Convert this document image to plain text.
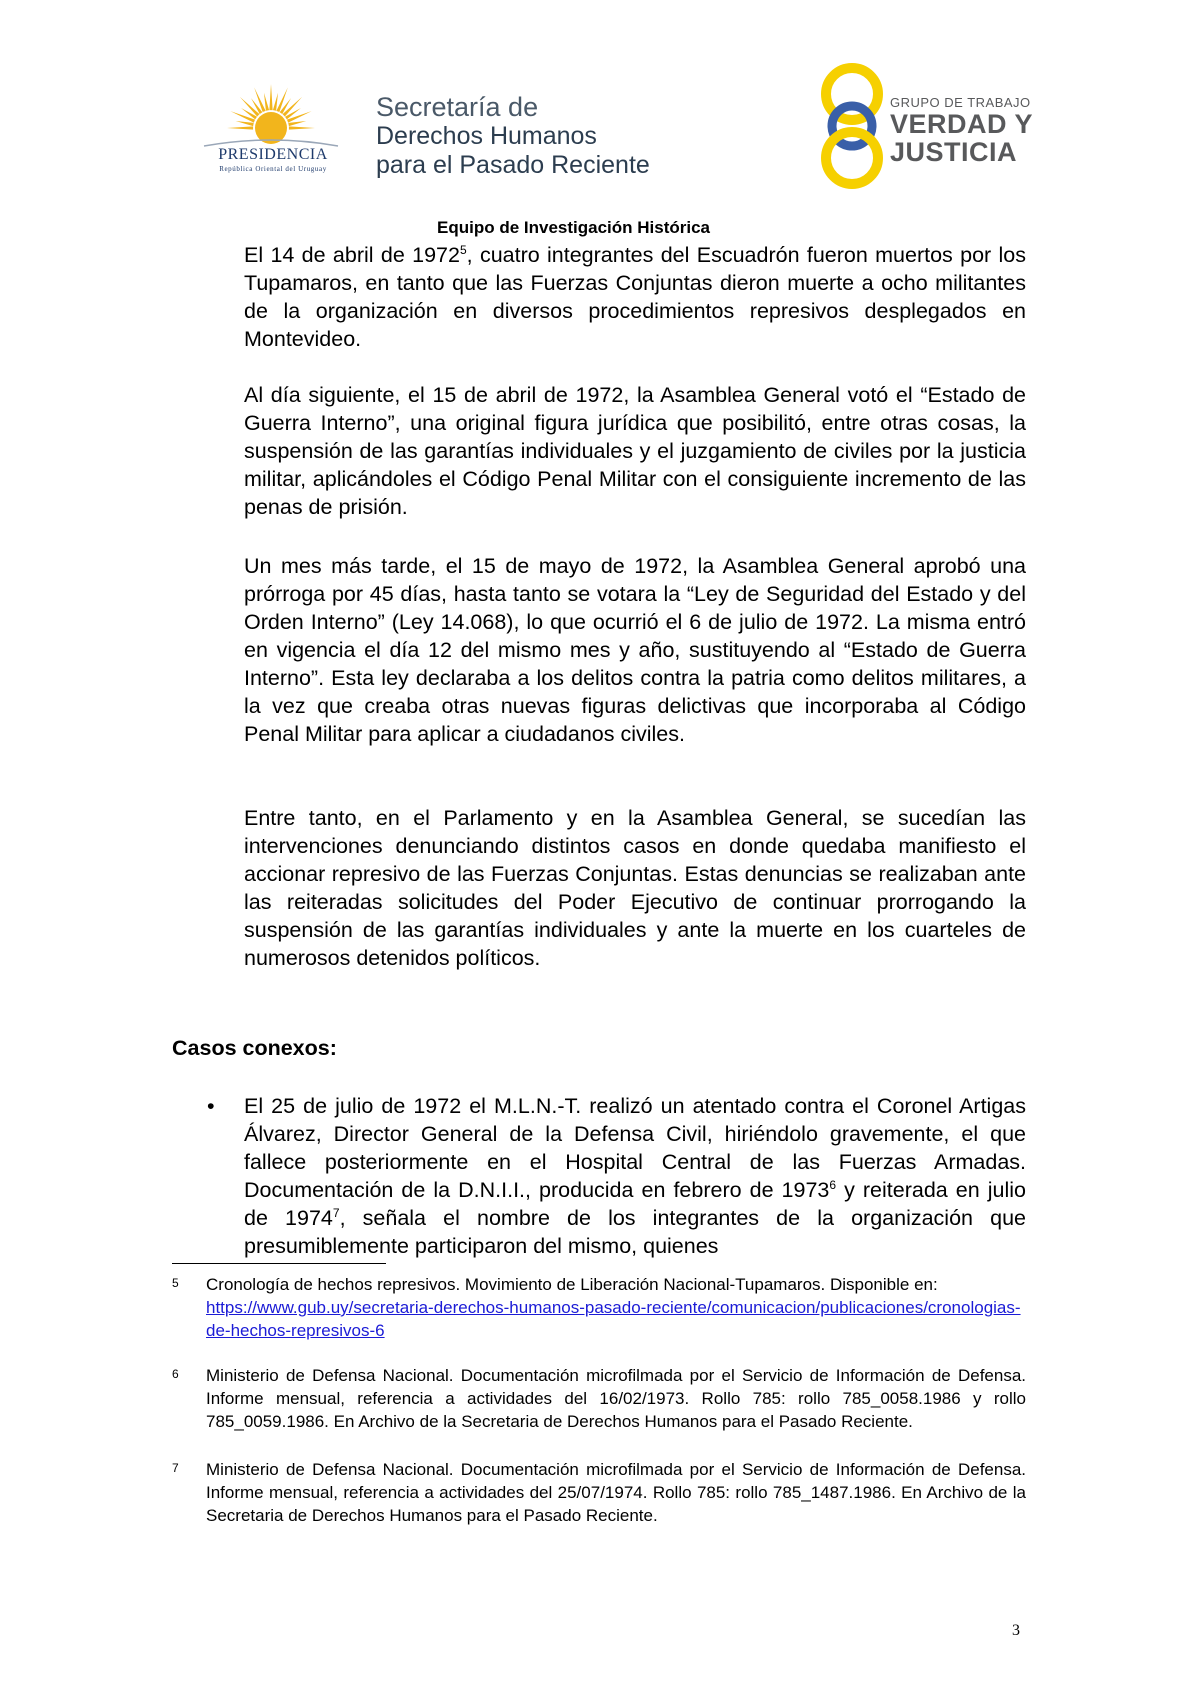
PRESIDENCIA
República Oriental del Uruguay
Secretaría de
Derechos Humanos
para el Pasado Reciente
GRUPO DE TRABAJO
VERDAD Y
JUSTICIA
Equipo de Investigación Histórica
El 14 de abril de 1972$^5$, cuatro integrantes del Escuadrón fueron muertos por los Tupamaros, en tanto que las Fuerzas Conjuntas dieron muerte a ocho militantes de la organización en diversos procedimientos represivos desplegados en Montevideo.
Al día siguiente, el 15 de abril de 1972, la Asamblea General votó el “Estado de Guerra Interno”, una original figura jurídica que posibilitó, entre otras cosas, la suspensión de las garantías individuales y el juzgamiento de civiles por la justicia militar, aplicándoles el Código Penal Militar con el consiguiente incremento de las penas de prisión.
Un mes más tarde, el 15 de mayo de 1972, la Asamblea General aprobó una prórroga por 45 días, hasta tanto se votara la “Ley de Seguridad del Estado y del Orden Interno” (Ley 14.068), lo que ocurrió el 6 de julio de 1972. La misma entró en vigencia el día 12 del mismo mes y año, sustituyendo al “Estado de Guerra Interno”. Esta ley declaraba a los delitos contra la patria como delitos militares, a la vez que creaba otras nuevas figuras delictivas que incorporaba al Código Penal Militar para aplicar a ciudadanos civiles.
Entre tanto, en el Parlamento y en la Asamblea General, se sucedían las intervenciones denunciando distintos casos en donde quedaba manifiesto el accionar represivo de las Fuerzas Conjuntas. Estas denuncias se realizaban ante las reiteradas solicitudes del Poder Ejecutivo de continuar prorrogando la suspensión de las garantías individuales y ante la muerte en los cuarteles de numerosos detenidos políticos.
Casos conexos:
• El 25 de julio de 1972 el M.L.N.-T. realizó un atentado contra el Coronel Artigas Álvarez, Director General de la Defensa Civil, hiriéndolo gravemente, el que fallece posteriormente en el Hospital Central de las Fuerzas Armadas. Documentación de la D.N.I.I., producida en febrero de 1973$^6$ y reiterada en julio de 1974$^7$, señala el nombre de los integrantes de la organización que presumiblemente participaron del mismo, quienes
5 Cronología de hechos represivos. Movimiento de Liberación Nacional-Tupamaros. Disponible en:
https://www.gub.uy/secretaria-derechos-humanos-pasado-reciente/comunicacion/publicaciones/cronologias-de-hechos-represivos-6
6 Ministerio de Defensa Nacional. Documentación microfilmada por el Servicio de Información de Defensa. Informe mensual, referencia a actividades del 16/02/1973. Rollo 785: rollo 785_0058.1986 y rollo 785_0059.1986. En Archivo de la Secretaria de Derechos Humanos para el Pasado Reciente.
7 Ministerio de Defensa Nacional. Documentación microfilmada por el Servicio de Información de Defensa. Informe mensual, referencia a actividades del 25/07/1974. Rollo 785: rollo 785_1487.1986. En Archivo de la Secretaria de Derechos Humanos para el Pasado Reciente.
3
